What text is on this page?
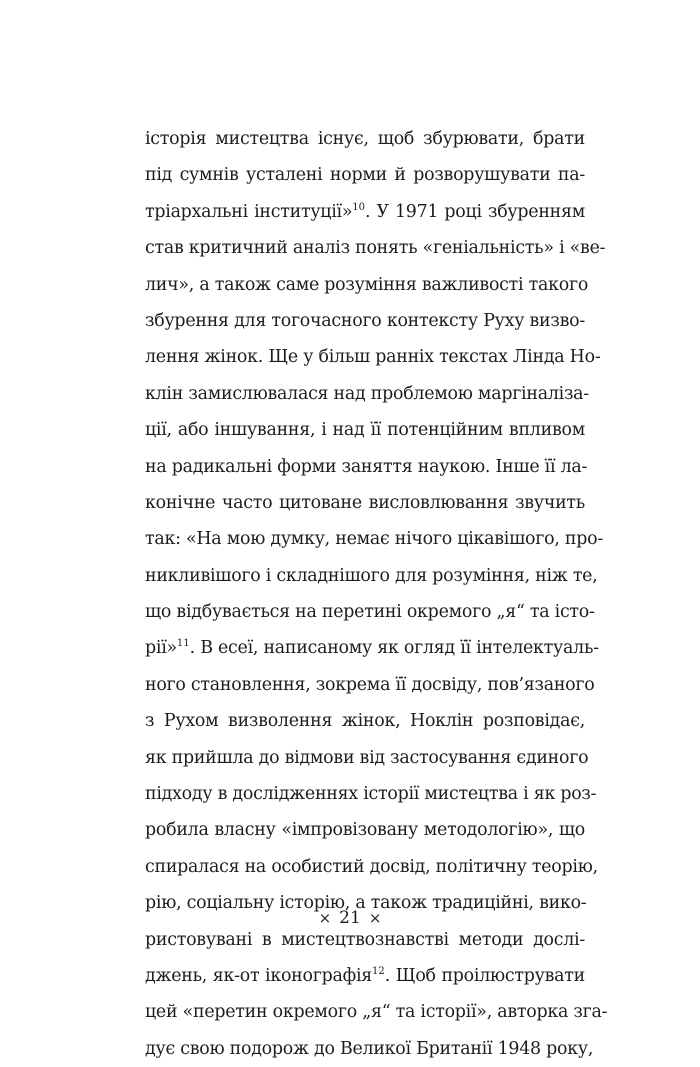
історія мистецтва існує, щоб збурювати, брати
під сумнів усталені норми й розворушувати па-
тріархальні інституції»$^{10}$. У 1971 році збуренням
став критичний аналіз понять «геніальність» і «ве-
лич», а також саме розуміння важливості такого
збурення для тогочасного контексту Руху визво-
лення жінок. Ще у більш ранніх текстах Лінда Но-
клін замислювалася над проблемою маргіналіза-
ції, або іншування, і над її потенційним впливом
на радикальні форми заняття наукою. Інше її ла-
конічне часто цитоване висловлювання звучить
так: «На мою думку, немає нічого цікавішого, про-
никливішого і складнішого для розуміння, ніж те,
що відбувається на перетині окремого „я“ та істо-
рії»$^{11}$. В есеї, написаному як огляд її інтелектуаль-
ного становлення, зокрема її досвіду, пов’язаного
з Рухом визволення жінок, Ноклін розповідає,
як прийшла до відмови від застосування єдиного
підходу в дослідженнях історії мистецтва і як роз-
робила власну «імпровізовану методологію», що
спиралася на особистий досвід, політичну теорію,
рію, соціальну історію, а також традиційні, вико-
ристовувані в мистецтвознавстві методи дослі-
джень, як-от іконографія$^{12}$. Щоб проілюструвати
цей «перетин окремого „я“ та історії», авторка зга-
дує свою подорож до Великої Британії 1948 року,
× 21 ×
